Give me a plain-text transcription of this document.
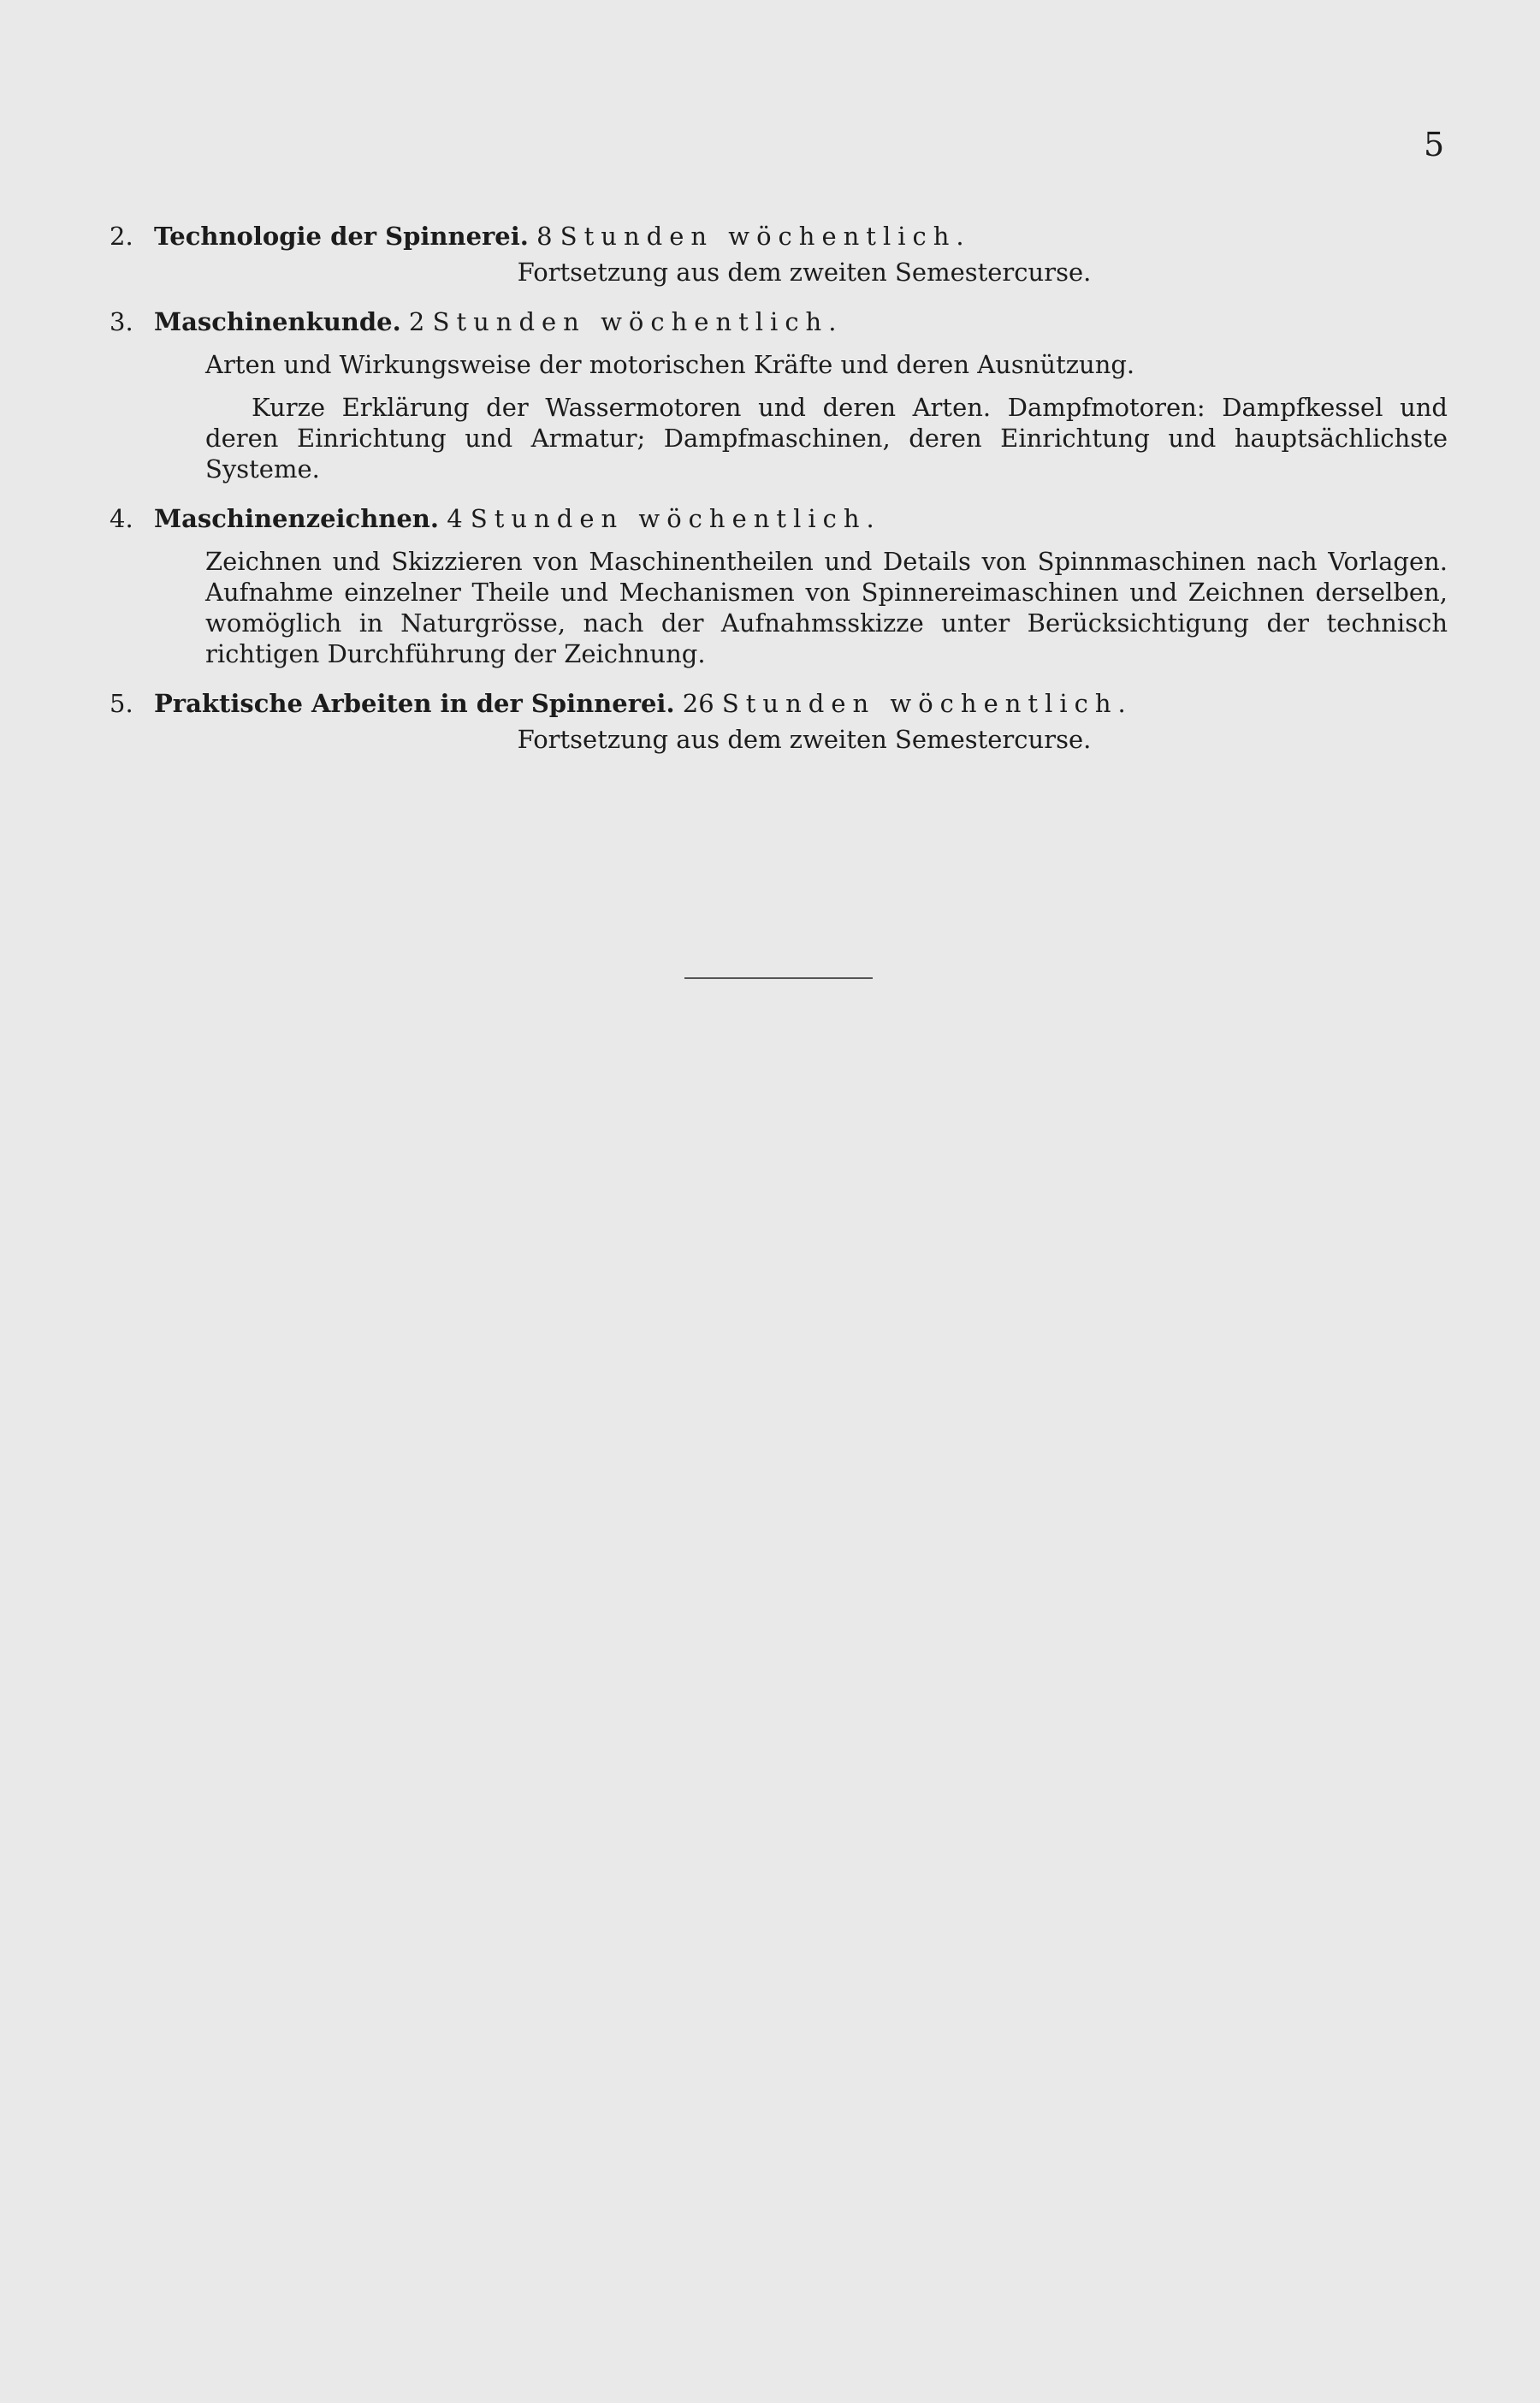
5

2. Technologie der Spinnerei. 8 Stunden wöchentlich.

Fortsetzung aus dem zweiten Semestercurse.

3. Maschinenkunde. 2 Stunden wöchentlich.

Arten und Wirkungsweise der motorischen Kräfte und deren Ausnützung.

Kurze Erklärung der Wassermotoren und deren Arten. Dampfmotoren: Dampfkessel und deren Einrichtung und Armatur; Dampfmaschinen, deren Einrichtung und hauptsächlichste Systeme.

4. Maschinenzeichnen. 4 Stunden wöchentlich.

Zeichnen und Skizzieren von Maschinentheilen und Details von Spinnmaschinen nach Vorlagen. Aufnahme einzelner Theile und Mechanismen von Spinnereimaschinen und Zeichnen derselben, womöglich in Naturgrösse, nach der Aufnahmsskizze unter Berücksichtigung der technisch richtigen Durchführung der Zeichnung.

5. Praktische Arbeiten in der Spinnerei. 26 Stunden wöchentlich.

Fortsetzung aus dem zweiten Semestercurse.
